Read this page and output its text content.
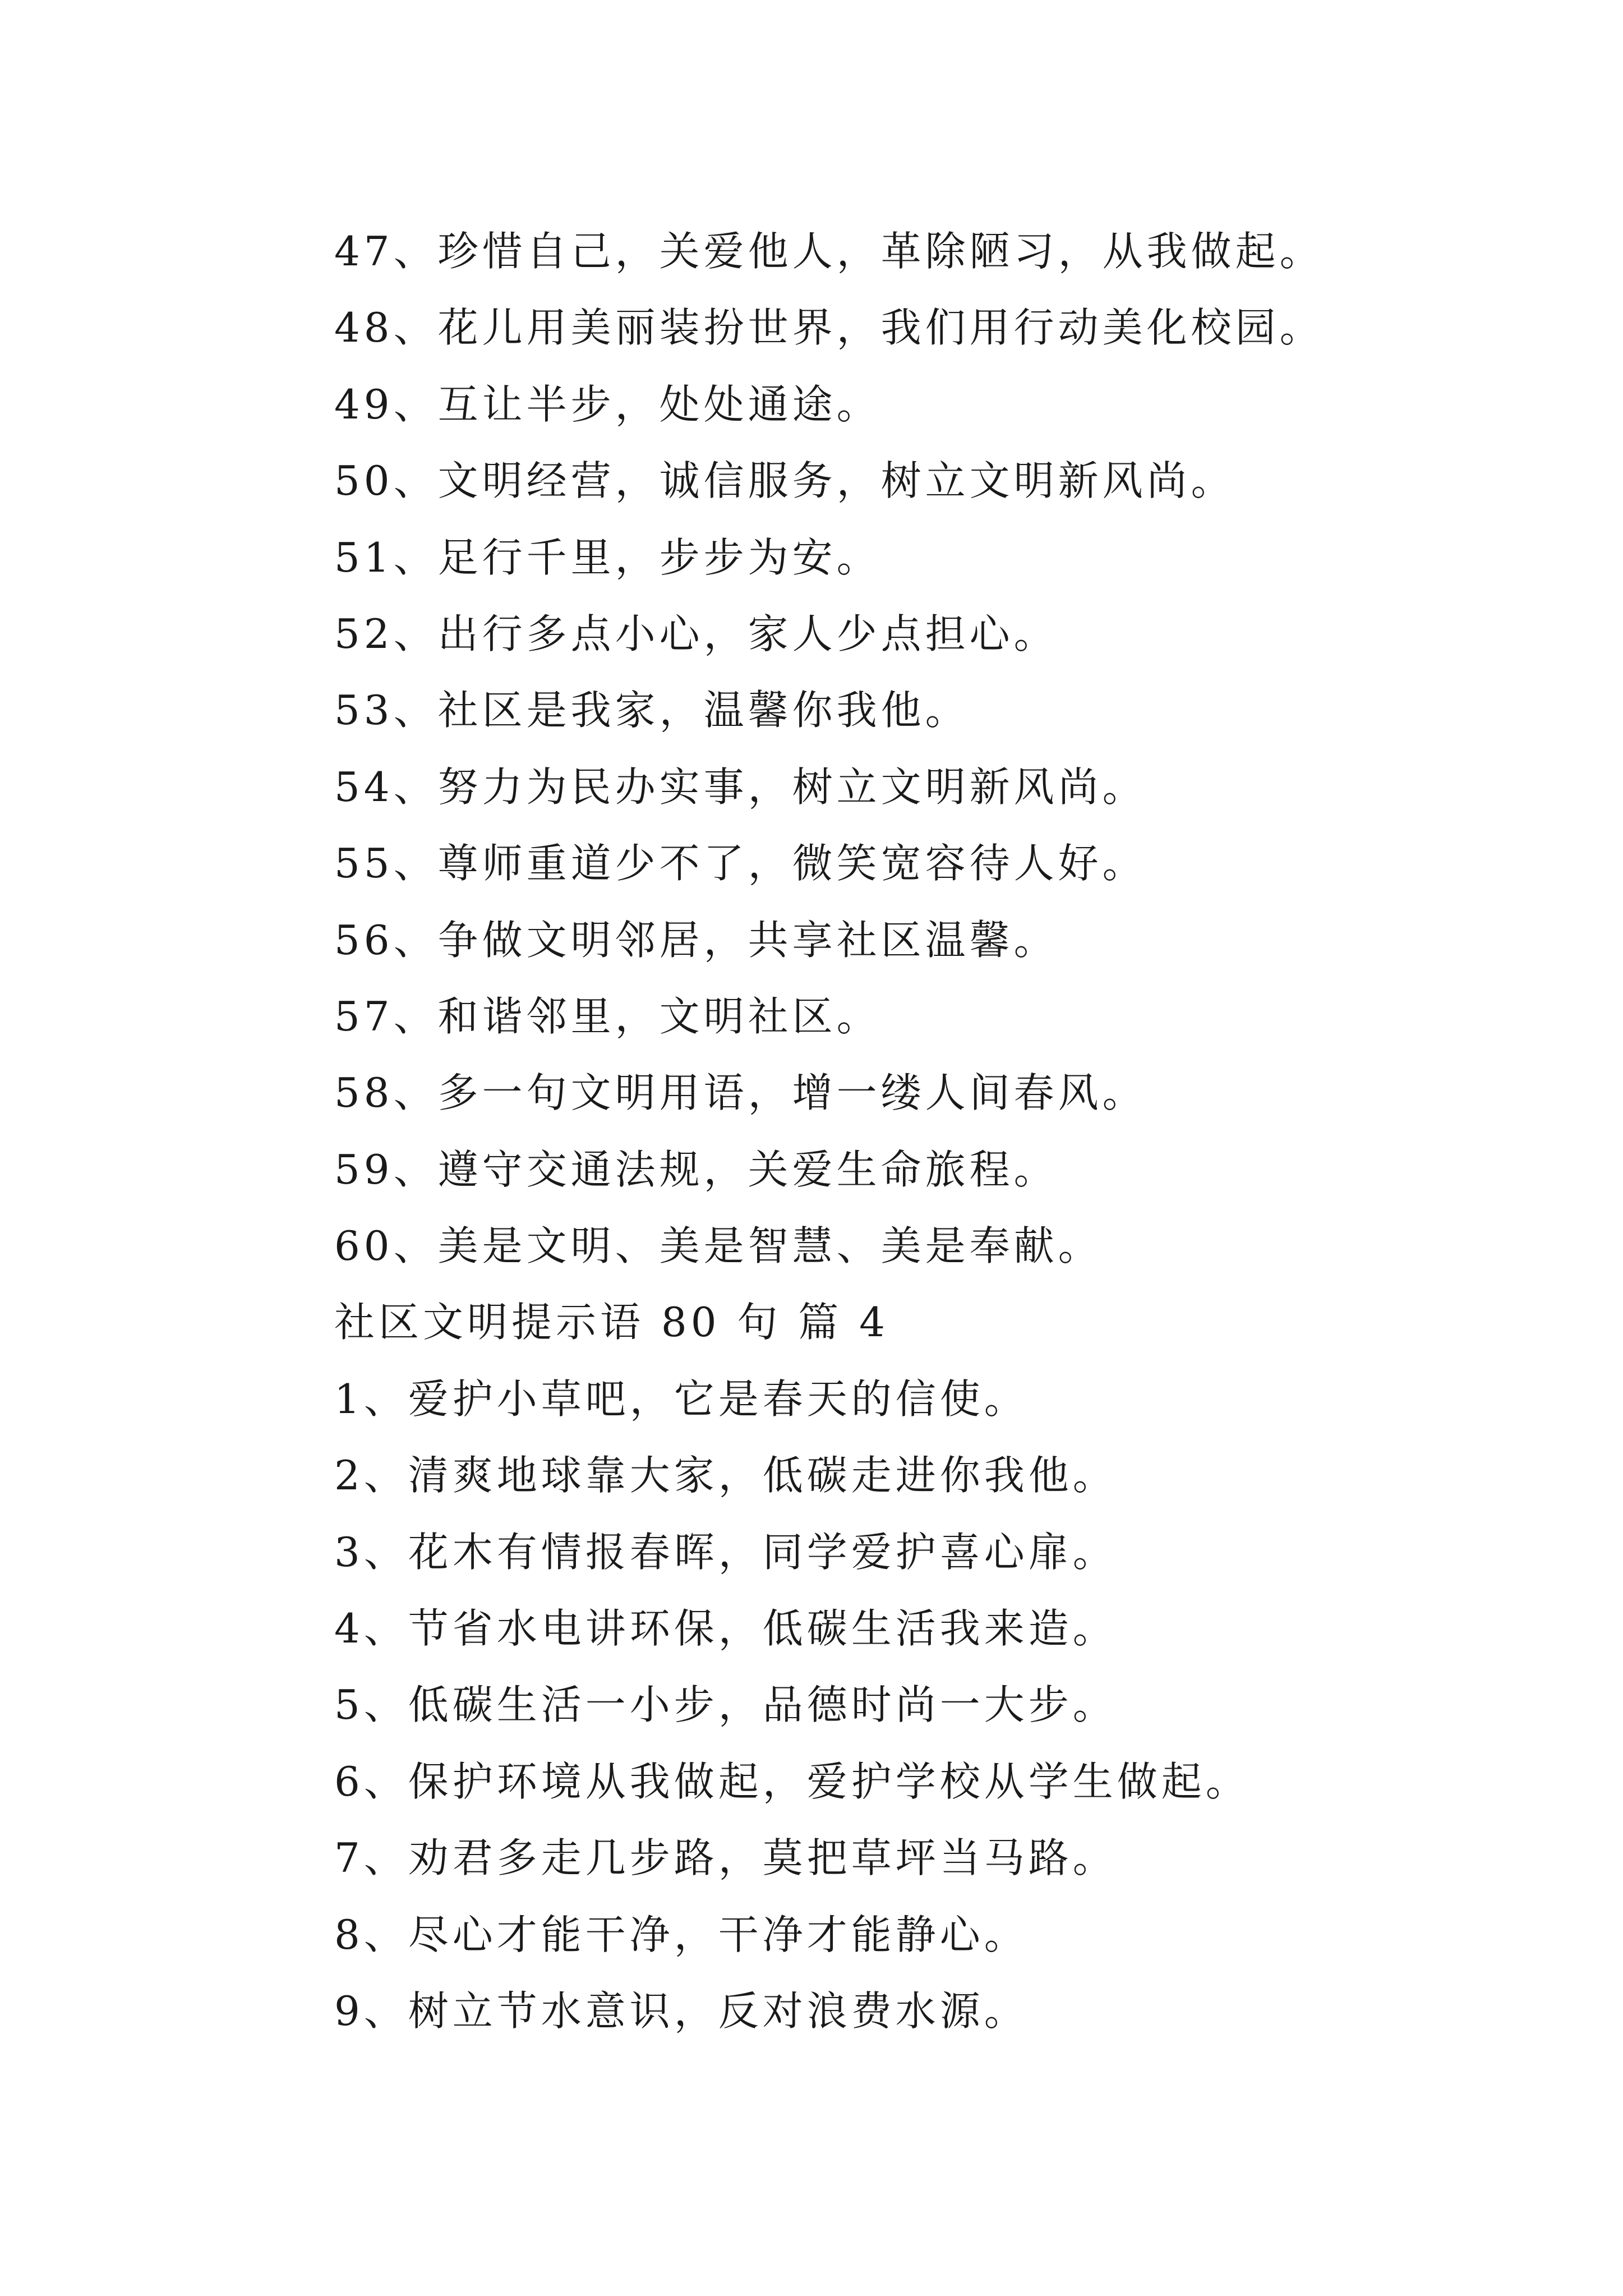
47、珍惜自己，关爱他人，革除陋习，从我做起。
48、花儿用美丽装扮世界，我们用行动美化校园。
49、互让半步，处处通途。
50、文明经营，诚信服务，树立文明新风尚。
51、足行千里，步步为安。
52、出行多点小心，家人少点担心。
53、社区是我家，温馨你我他。
54、努力为民办实事，树立文明新风尚。
55、尊师重道少不了，微笑宽容待人好。
56、争做文明邻居，共享社区温馨。
57、和谐邻里，文明社区。
58、多一句文明用语，增一缕人间春风。
59、遵守交通法规，关爱生命旅程。
60、美是文明、美是智慧、美是奉献。
社区文明提示语 80 句 篇 4
1、爱护小草吧，它是春天的信使。
2、清爽地球靠大家，低碳走进你我他。
3、花木有情报春晖，同学爱护喜心扉。
4、节省水电讲环保，低碳生活我来造。
5、低碳生活一小步，品德时尚一大步。
6、保护环境从我做起，爱护学校从学生做起。
7、劝君多走几步路，莫把草坪当马路。
8、尽心才能干净，干净才能静心。
9、树立节水意识，反对浪费水源。
